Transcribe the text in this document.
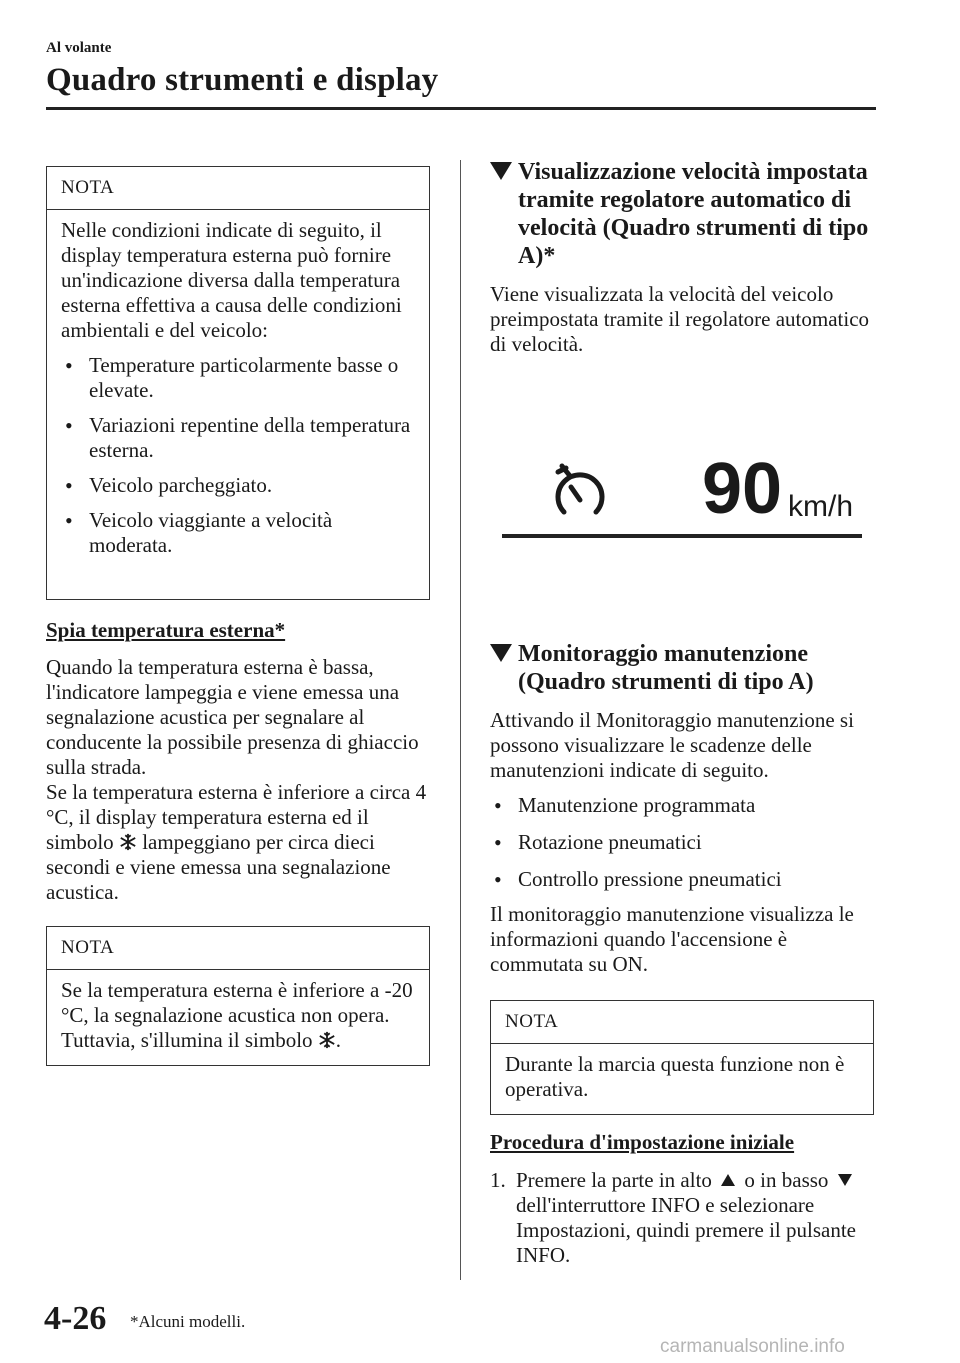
Al volante
Quadro strumenti e display
NOTA

Nelle condizioni indicate di seguito, il display temperatura esterna può fornire un'indicazione diversa dalla temperatura esterna effettiva a causa delle condizioni ambientali e del veicolo:

• Temperature particolarmente basse o elevate.
• Variazioni repentine della temperatura esterna.
• Veicolo parcheggiato.
• Veicolo viaggiante a velocità moderata.
Spia temperatura esterna*

Quando la temperatura esterna è bassa, l'indicatore lampeggia e viene emessa una segnalazione acustica per segnalare al conducente la possibile presenza di ghiaccio sulla strada.

Se la temperatura esterna è inferiore a circa 4 °C, il display temperatura esterna ed il simbolo lampeggiano per circa dieci secondi e viene emessa una segnalazione acustica.

NOTA

Se la temperatura esterna è inferiore a -20 °C, la segnalazione acustica non opera. Tuttavia, s'illumina il simbolo .

Visualizzazione velocità impostata tramite regolatore automatico di velocità (Quadro strumenti di tipo A)*
Viene visualizzata la velocità del veicolo preimpostata tramite il regolatore automatico di velocità.
90 km/h
Monitoraggio manutenzione (Quadro strumenti di tipo A)

Attivando il Monitoraggio manutenzione si possono visualizzare le scadenze delle manutenzioni indicate di seguito.

• Manutenzione programmata
• Rotazione pneumatici
• Controllo pressione pneumatici

Il monitoraggio manutenzione visualizza le informazioni quando l'accensione è commutata su ON.

NOTA

Durante la marcia questa funzione non è operativa.

Procedura d'impostazione iniziale
1. Premere la parte in alto o in basso  dell'interruttore INFO e selezionare Impostazioni, quindi premere il pulsante INFO.
4-26 *Alcuni modelli.
carmanualsonline.info
